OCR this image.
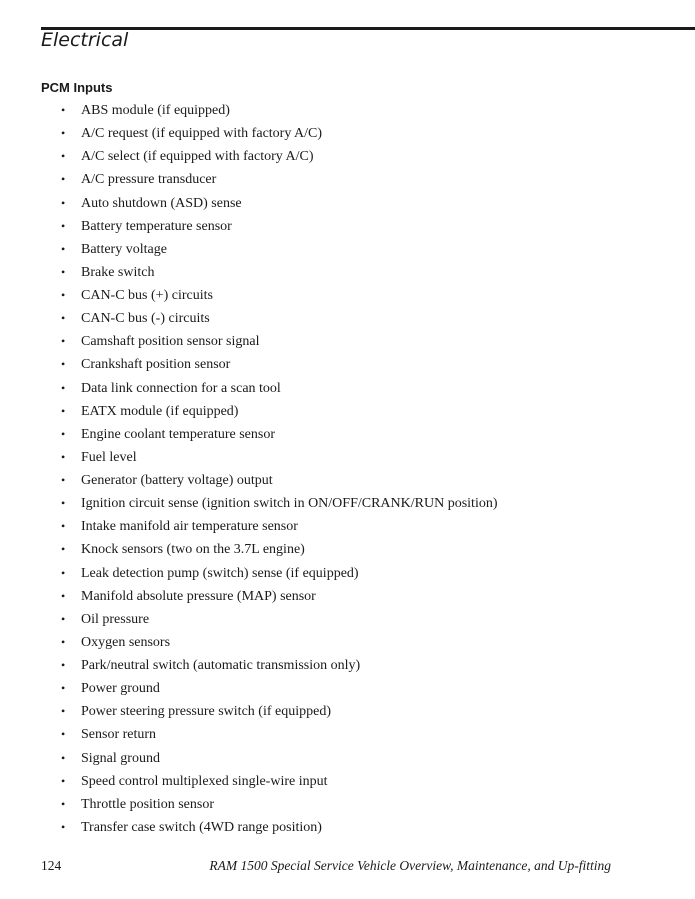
Electrical
PCM Inputs
• ABS module (if equipped)
• A/C request (if equipped with factory A/C)
• A/C select (if equipped with factory A/C)
• A/C pressure transducer
• Auto shutdown (ASD) sense
• Battery temperature sensor
• Battery voltage
• Brake switch
• CAN-C bus (+) circuits
• CAN-C bus (-) circuits
• Camshaft position sensor signal
• Crankshaft position sensor
• Data link connection for a scan tool
• EATX module (if equipped)
• Engine coolant temperature sensor
• Fuel level
• Generator (battery voltage) output
• Ignition circuit sense (ignition switch in ON/OFF/CRANK/RUN position)
• Intake manifold air temperature sensor
• Knock sensors (two on the 3.7L engine)
• Leak detection pump (switch) sense (if equipped)
• Manifold absolute pressure (MAP) sensor
• Oil pressure
• Oxygen sensors
• Park/neutral switch (automatic transmission only)
• Power ground
• Power steering pressure switch (if equipped)
• Sensor return
• Signal ground
• Speed control multiplexed single-wire input
• Throttle position sensor
• Transfer case switch (4WD range position)
124	RAM 1500 Special Service Vehicle Overview, Maintenance, and Up-fitting
